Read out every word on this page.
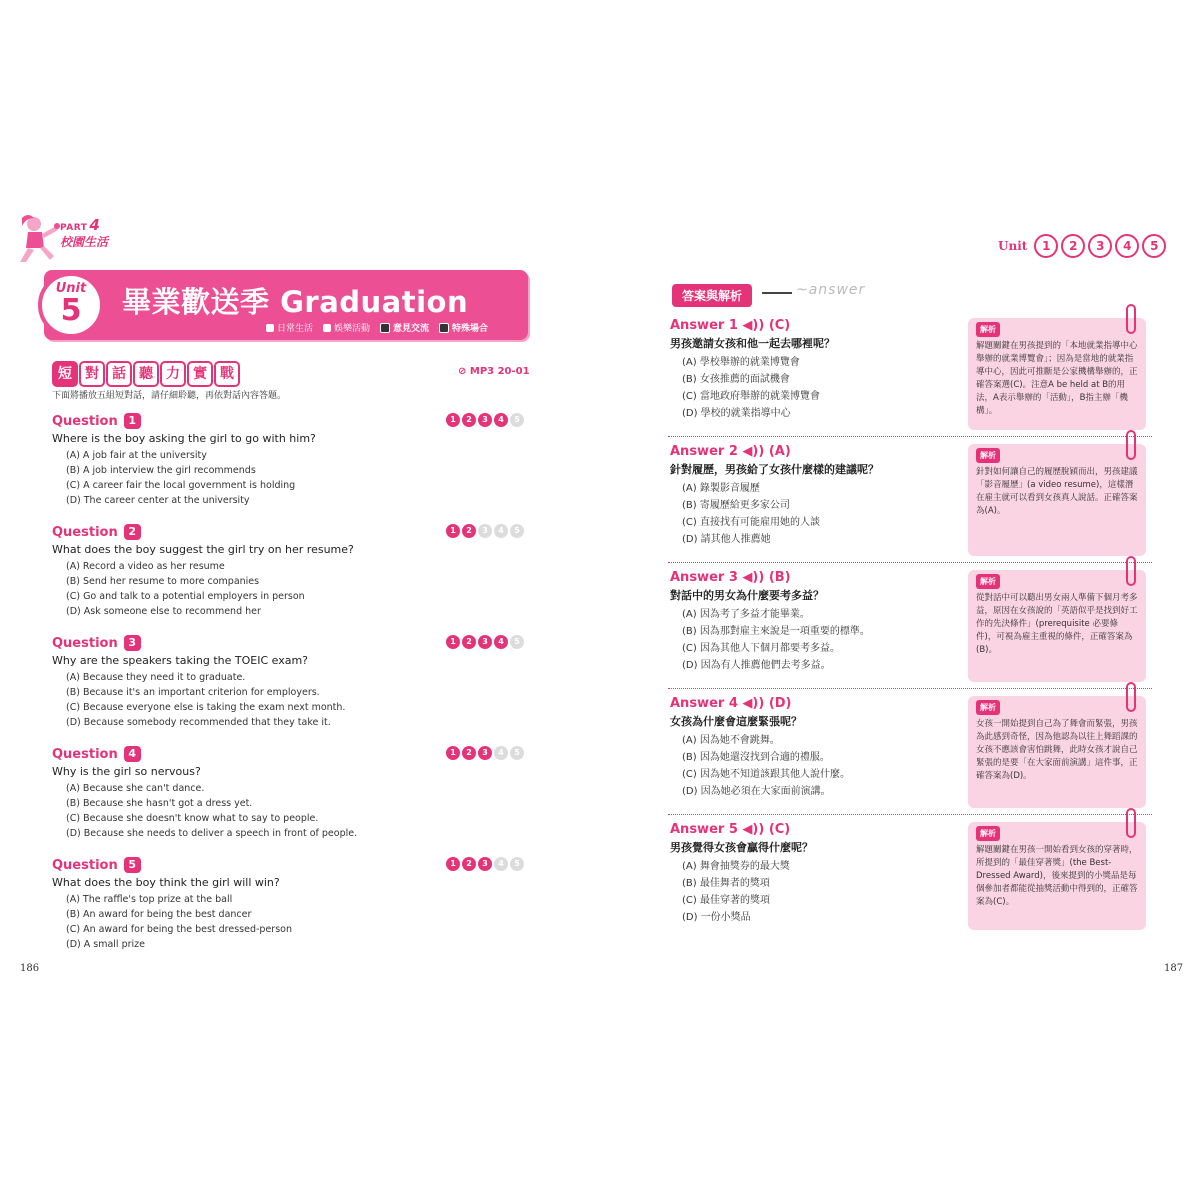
PART 4
校園生活
Unit
5	畢業歡送季 Graduation
日常生活 娛樂活動	意見交流	特殊場合
短 對 話 聽 力 實 戰	⊘ MP3 20-01
下面將播放五組短對話，請仔細聆聽，再依對話內容答題。
Question 1
Where is the boy asking the girl to go with him?
(A) A job fair at the university
(B) A job interview the girl recommends
(C) A career fair the local government is holding
(D) The career center at the university
1	2	3	4	5
Question 2
What does the boy suggest the girl try on her resume?
(A) Record a video as her resume
(B) Send her resume to more companies
(C) Go and talk to a potential employers in person
(D) Ask someone else to recommend her
1	2	3	4	5
Question 3
Why are the speakers taking the TOEIC exam?
(A) Because they need it to graduate.
(B) Because it's an important criterion for employers.
(C) Because everyone else is taking the exam next month.
(D) Because somebody recommended that they take it.
1	2	3	4	5
Question 4
Why is the girl so nervous?
(A) Because she can't dance.
(B) Because she hasn't got a dress yet.
(C) Because she doesn't know what to say to people.
(D) Because she needs to deliver a speech in front of people.
1	2	3	4	5
Question 5
What does the boy think the girl will win?
(A) The raffle's top prize at the ball
(B) An award for being the best dancer
(C) An award for being the best dressed-person
(D) A small prize
1	2	3	4	5
186
Unit	1	2	3	4	5
答案與解析	~answer
Answer 1 ◀)) (C)
男孩邀請女孩和他一起去哪裡呢？
(A) 學校舉辦的就業博覽會
(B) 女孩推薦的面試機會
(C) 當地政府舉辦的就業博覽會
(D) 學校的就業指導中心
解析
解題關鍵在男孩提到的「本地就業指導中心舉辦的就業博覽會」；因為是當地的就業指導中心，因此可推斷是公家機構舉辦的，正確答案選(C)。注意A be held at B的用法，A表示舉辦的「活動」，B指主辦「機構」。
Answer 2 ◀)) (A)
針對履歷，男孩給了女孩什麼樣的建議呢？
(A) 錄製影音履歷
(B) 寄履歷給更多家公司
(C) 直接找有可能雇用她的人談
(D) 請其他人推薦她
解析
針對如何讓自己的履歷脫穎而出，男孩建議「影音履歷」(a video resume)，這樣潛在雇主就可以看到女孩真人說話。正確答案為(A)。
Answer 3 ◀)) (B)
對話中的男女為什麼要考多益？
(A) 因為考了多益才能畢業。
(B) 因為那對雇主來說是一項重要的標準。
(C) 因為其他人下個月都要考多益。
(D) 因為有人推薦他們去考多益。
解析
從對話中可以聽出男女兩人準備下個月考多益，原因在女孩說的「英語似乎是找到好工作的先決條件」(prerequisite 必要條件)，可視為雇主重視的條件，正確答案為(B)。
Answer 4 ◀)) (D)
女孩為什麼會這麼緊張呢？
(A) 因為她不會跳舞。
(B) 因為她還沒找到合適的禮服。
(C) 因為她不知道該跟其他人說什麼。
(D) 因為她必須在大家面前演講。
解析
女孩一開始提到自己為了舞會而緊張，男孩為此感到奇怪，因為他認為以往上舞蹈課的女孩不應該會害怕跳舞，此時女孩才說自己緊張的是要「在大家面前演講」這件事，正確答案為(D)。
Answer 5 ◀)) (C)
男孩覺得女孩會贏得什麼呢？
(A) 舞會抽獎券的最大獎
(B) 最佳舞者的獎項
(C) 最佳穿著的獎項
(D) 一份小獎品
解析
解題關鍵在男孩一開始看到女孩的穿著時，所提到的「最佳穿著獎」(the Best-Dressed Award)，後來提到的小獎品是每個參加者都能從抽獎活動中得到的，正確答案為(C)。
187
